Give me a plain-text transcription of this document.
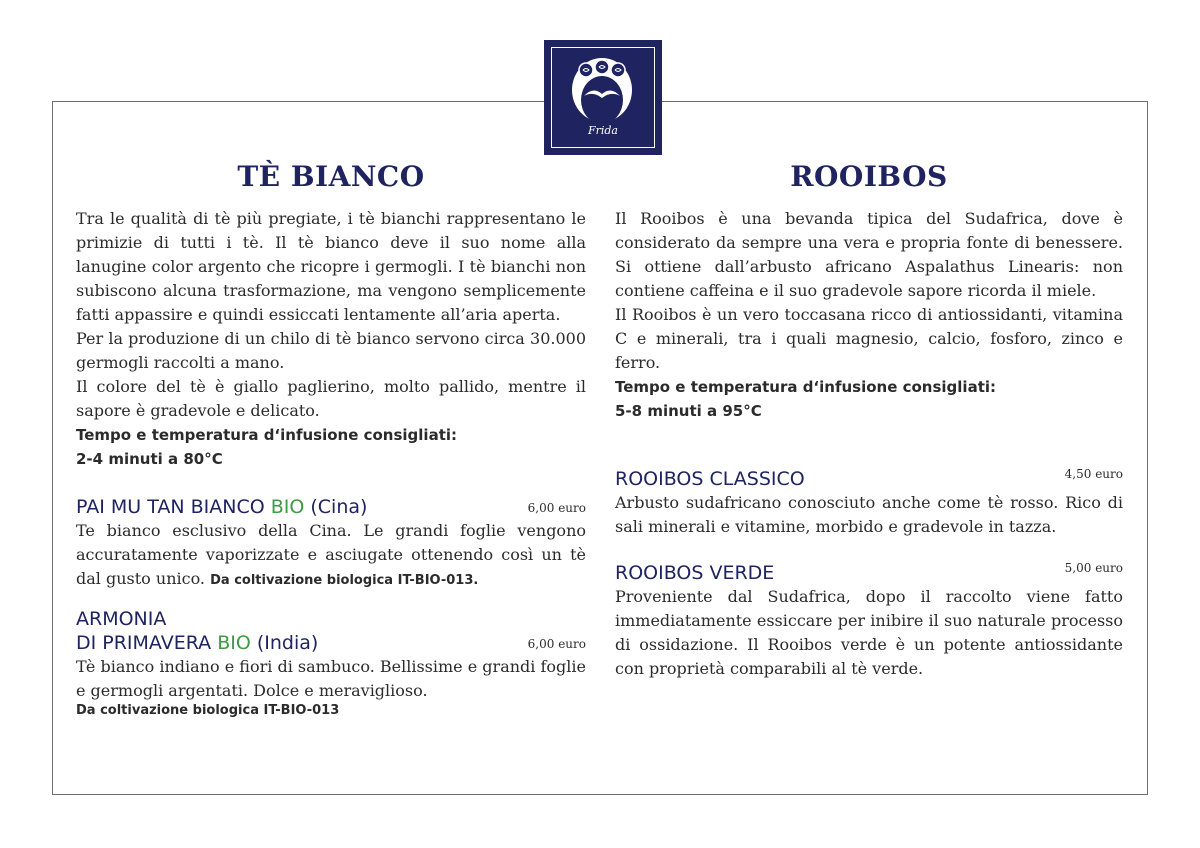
Frida
TÈ BIANCO

Tra le qualità di tè più pregiate, i tè bianchi rappresentano le primizie di tutti i tè. Il tè bianco deve il suo nome alla lanugine color argento che ricopre i germogli. I tè bianchi non subiscono alcuna trasformazione, ma vengono semplicemente fatti appassire e quindi essiccati lentamente all’aria aperta.

Per la produzione di un chilo di tè bianco servono circa 30.000 germogli raccolti a mano.

Il colore del tè è giallo paglierino, molto pallido, mentre il sapore è gradevole e delicato.

Tempo e temperatura d‘infusione consigliati:
2-4 minuti a 80°C
PAI MU TAN BIANCO BIO (Cina)	6,00 euro
Te bianco esclusivo della Cina. Le grandi foglie vengono accuratamente vaporizzate e asciugate ottenendo così un tè dal gusto unico. Da coltivazione biologica IT-BIO-013.
ARMONIA
DI PRIMAVERA BIO (India)	6,00 euro
Tè bianco indiano e fiori di sambuco. Bellissime e grandi foglie e germogli argentati. Dolce e meraviglioso.
Da coltivazione biologica IT-BIO-013
ROOIBOS

Il Rooibos è una bevanda tipica del Sudafrica, dove è considerato da sempre una vera e propria fonte di benessere. Si ottiene dall’arbusto africano Aspalathus Linearis: non contiene caffeina e il suo gradevole sapore ricorda il miele.

Il Rooibos è un vero toccasana ricco di antiossidanti, vitamina C e minerali, tra i quali magnesio, calcio, fosforo, zinco e ferro.

Tempo e temperatura d‘infusione consigliati:
5-8 minuti a 95°C
ROOIBOS CLASSICO	4,50 euro
Arbusto sudafricano conosciuto anche come tè rosso. Rico di sali minerali e vitamine, morbido e gradevole in tazza.
ROOIBOS VERDE	5,00 euro
Proveniente dal Sudafrica, dopo il raccolto viene fatto immediatamente essiccare per inibire il suo naturale processo di ossidazione. Il Rooibos verde è un potente antiossidante con proprietà comparabili al tè verde.
